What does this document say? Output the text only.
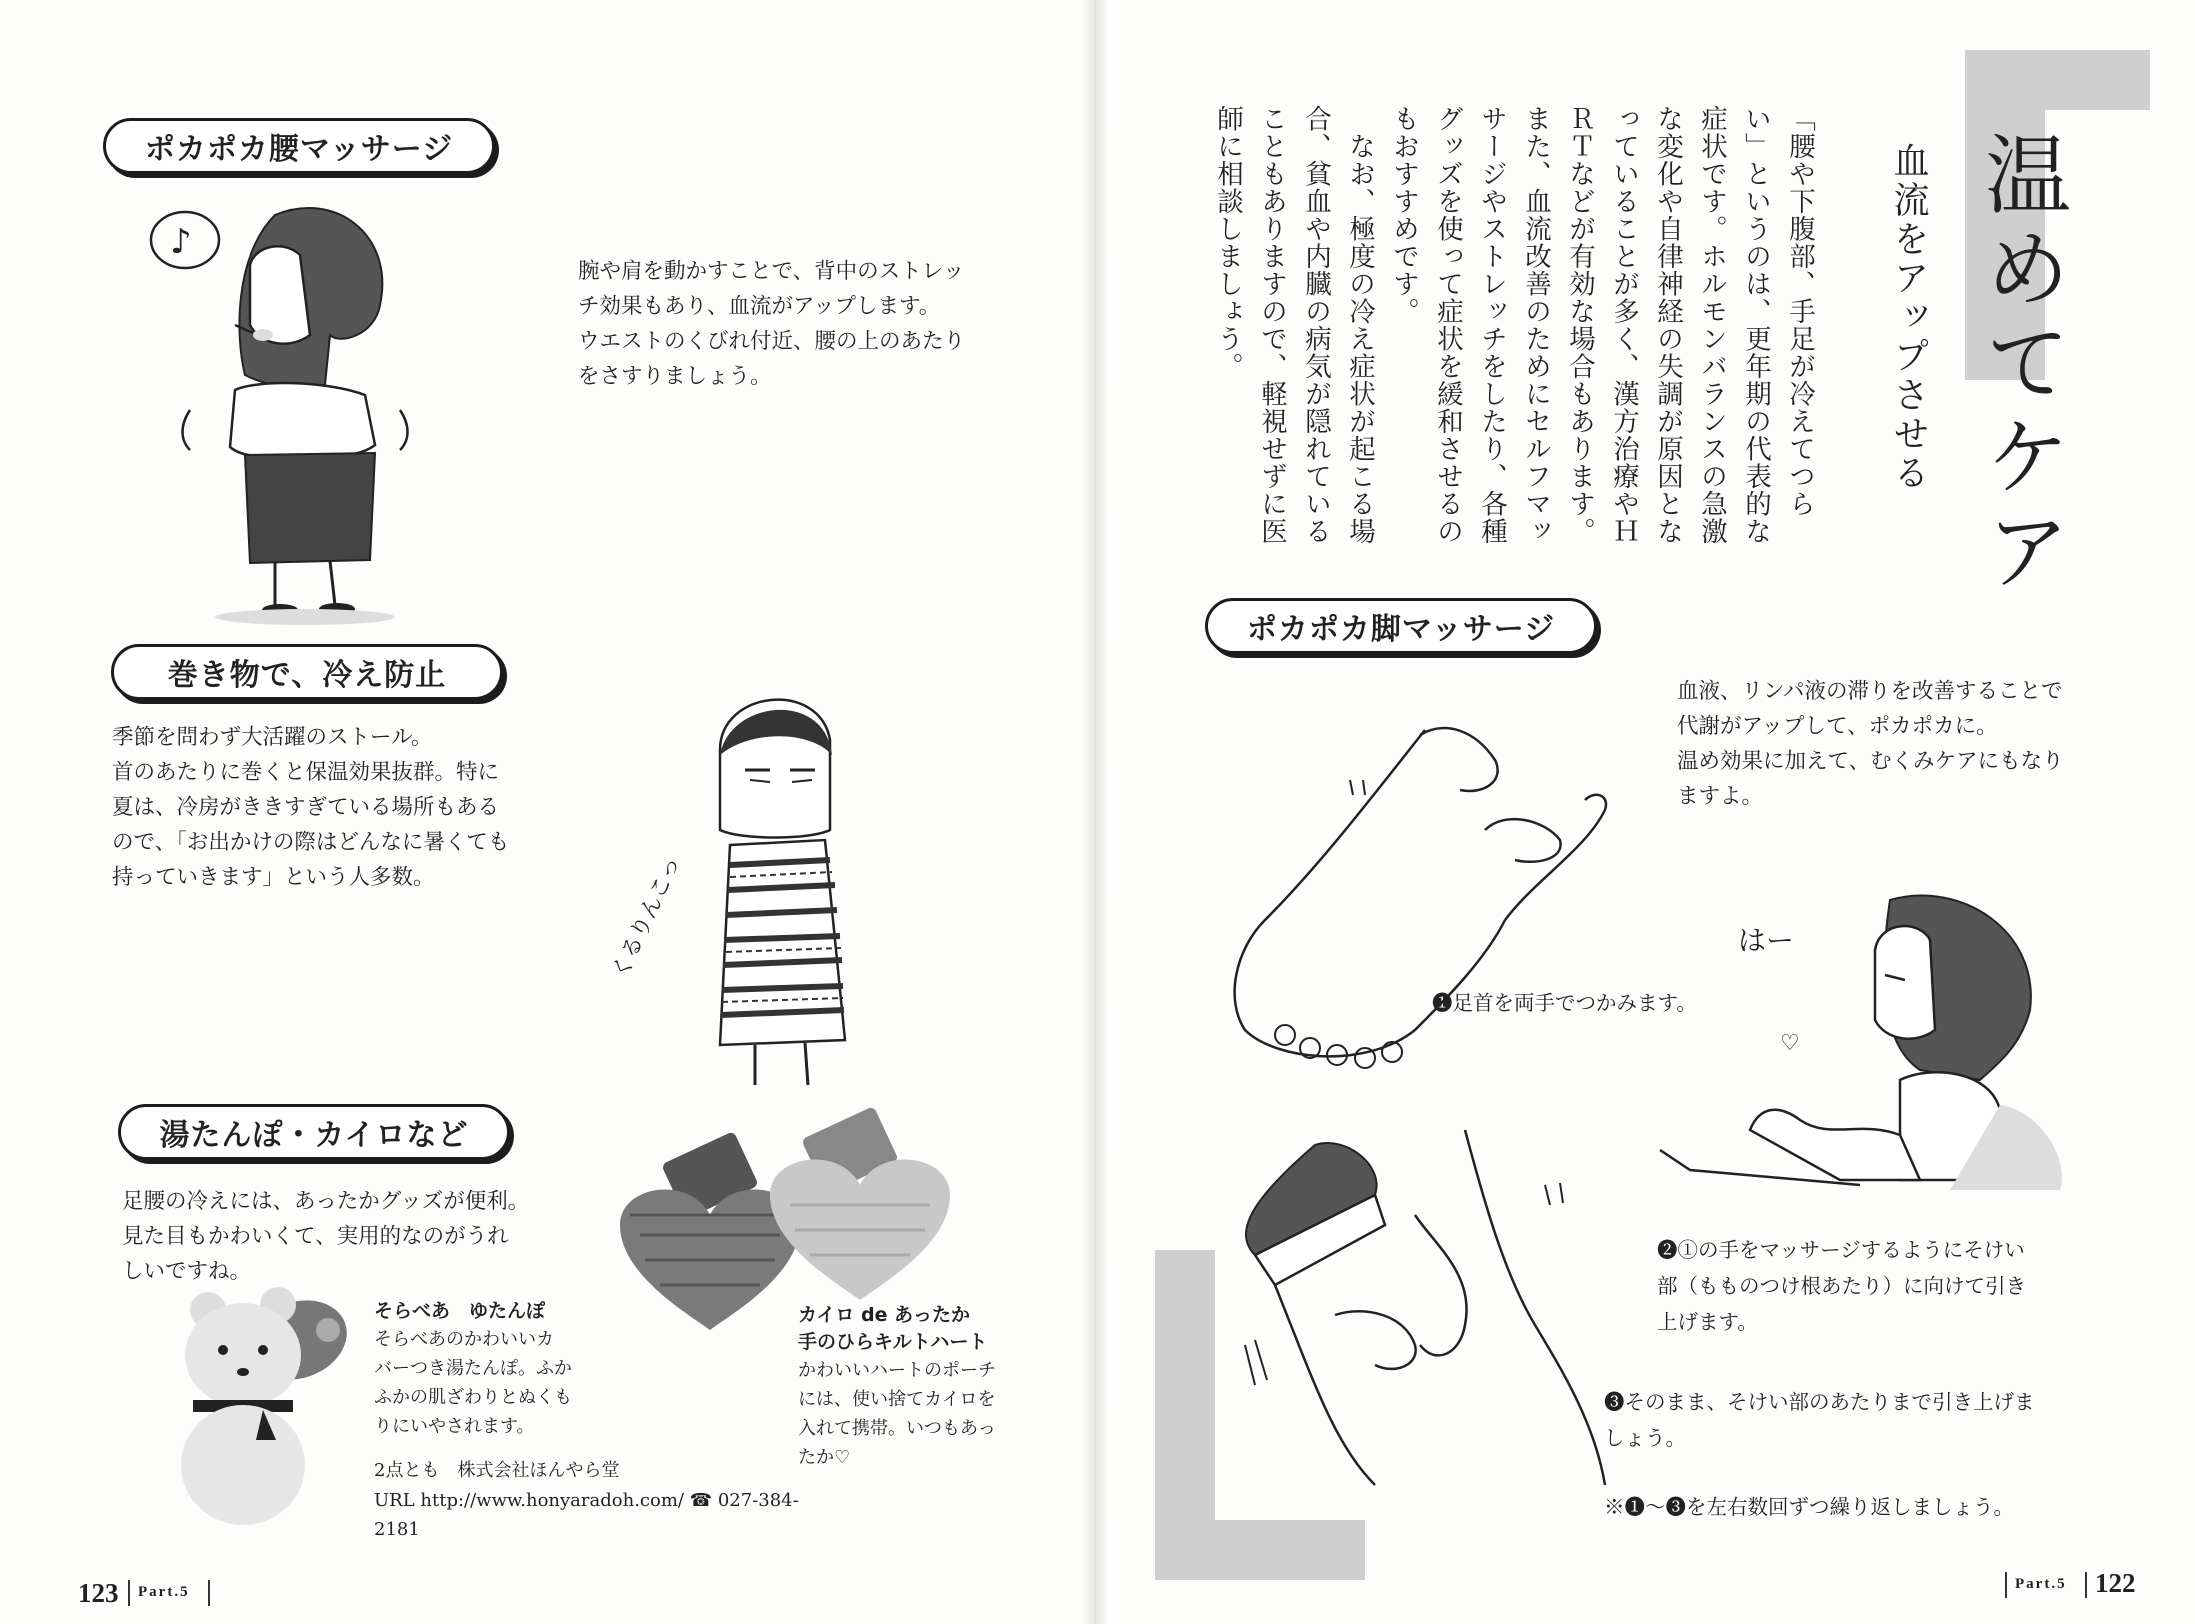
ポカポカ腰マッサージ
♪
腕や肩を動かすことで、背中のストレッ
チ効果もあり、血流がアップします。
ウエストのくびれ付近、腰の上のあたり
をさすりましょう。
巻き物で、冷え防止
季節を問わず大活躍のストール。
首のあたりに巻くと保温効果抜群。特に
夏は、冷房がききすぎている場所もある
ので、「お出かけの際はどんなに暑くても
持っていきます」という人多数。	くるりんこっ
湯たんぽ・カイロなど
足腰の冷えには、あったかグッズが便利。
見た目もかわいくて、実用的なのがうれ
しいですね。
そらべあ　ゆたんぽ
そらべあのかわいいカ
バーつき湯たんぽ。ふか
ふかの肌ざわりとぬくも
りにいやされます。
カイロ de あったか
手のひらキルトハート
かわいいハートのポーチ
には、使い捨てカイロを
入れて携帯。いつもあっ
たか♡
2点とも　株式会社ほんやら堂
URL http://www.honyaradoh.com/ ☎ 027-384-2181
123 Part.5
温めてケア
血流をアップさせる
「腰や下腹部、手足が冷えてつらい」というのは、更年期の代表的な症状です。ホルモンバランスの急激な変化や自律神経の失調が原因となっていることが多く、漢方治療やＨＲＴなどが有効な場合もあります。また、血流改善のためにセルフマッサージやストレッチをしたり、各種グッズを使って症状を緩和させるのもおすすめです。
　なお、極度の冷え症状が起こる場合、貧血や内臓の病気が隠れていることもありますので、軽視せずに医師に相談しましょう。
ポカポカ脚マッサージ
血液、リンパ液の滞りを改善することで
代謝がアップして、ポカポカに。
温め効果に加えて、むくみケアにもなり
ますよ。
❶足首を両手でつかみます。
はー
♡
❷①の手をマッサージするようにそけい
部（もものつけ根あたり）に向けて引き
上げます。
❸そのまま、そけい部のあたりまで引き上げま
しょう。
※❶〜❸を左右数回ずつ繰り返しましょう。
Part.5 122
